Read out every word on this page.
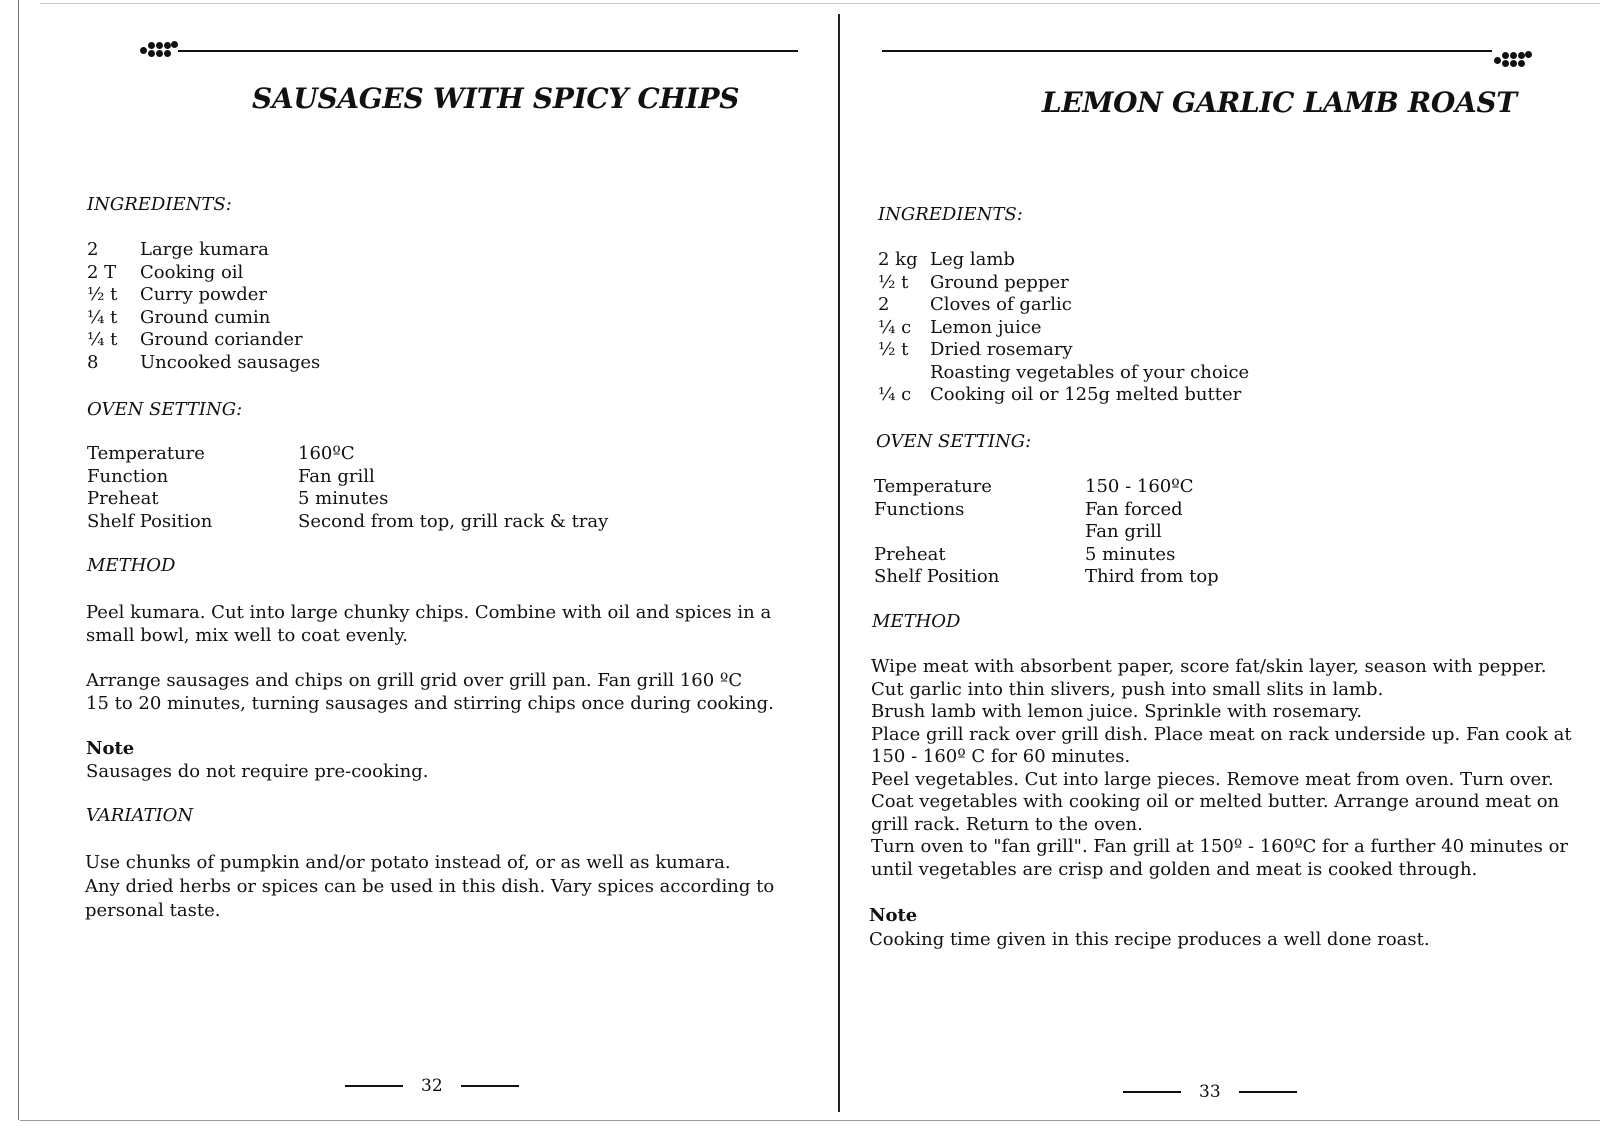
SAUSAGES WITH SPICY CHIPS
INGREDIENTS:
2	Large kumara
2 T	Cooking oil
½ t	Curry powder
¼ t	Ground cumin
¼ t	Ground coriander
8	Uncooked sausages
OVEN SETTING:
Temperature	160ºC
Function	Fan grill
Preheat	5 minutes
Shelf Position	Second from top, grill rack & tray
METHOD
Peel kumara. Cut into large chunky chips. Combine with oil and spices in a
small bowl, mix well to coat evenly.
Arrange sausages and chips on grill grid over grill pan. Fan grill 160 ºC
15 to 20 minutes, turning sausages and stirring chips once during cooking.
Note
Sausages do not require pre-cooking.
VARIATION
Use chunks of pumpkin and/or potato instead of, or as well as kumara.
Any dried herbs or spices can be used in this dish. Vary spices according to
personal taste.
32
LEMON GARLIC LAMB ROAST
INGREDIENTS:
2 kg Leg lamb
½ t	Ground pepper
2	Cloves of garlic
¼ c	Lemon juice
½ t	Dried rosemary
Roasting vegetables of your choice
¼ c	Cooking oil or 125g melted butter
OVEN SETTING:
Temperature	150 - 160ºC
Functions	Fan forced
Fan grill
Preheat	5 minutes
Shelf Position	Third from top
METHOD
Wipe meat with absorbent paper, score fat/skin layer, season with pepper.
Cut garlic into thin slivers, push into small slits in lamb.
Brush lamb with lemon juice. Sprinkle with rosemary.
Place grill rack over grill dish. Place meat on rack underside up. Fan cook at
150 - 160º C for 60 minutes.
Peel vegetables. Cut into large pieces. Remove meat from oven. Turn over.
Coat vegetables with cooking oil or melted butter. Arrange around meat on
grill rack. Return to the oven.
Turn oven to "fan grill". Fan grill at 150º - 160ºC for a further 40 minutes or
until vegetables are crisp and golden and meat is cooked through.
Note
Cooking time given in this recipe produces a well done roast.
33
